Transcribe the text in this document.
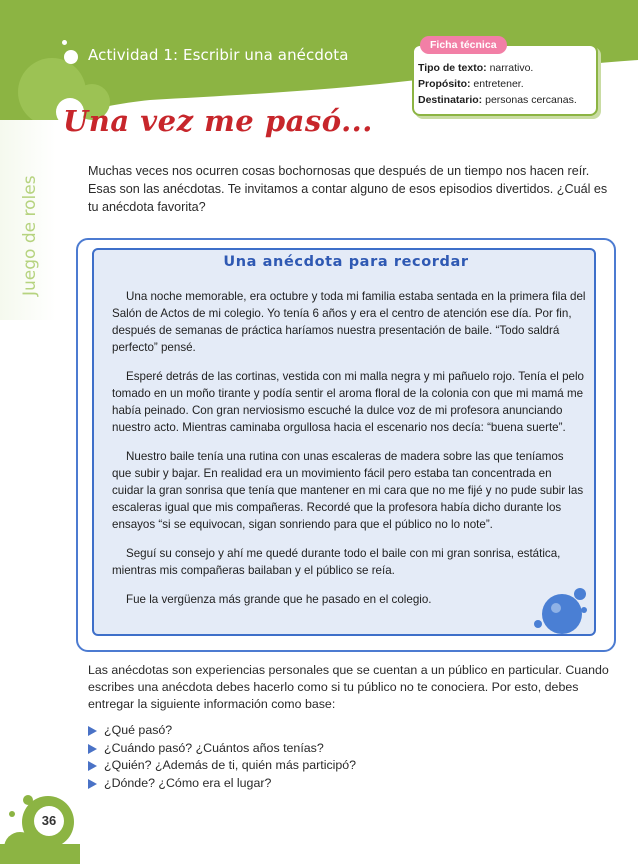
Actividad 1: Escribir una anécdota
Ficha técnica
Tipo de texto: narrativo.
Propósito: entretener.
Destinatario: personas cercanas.
Una vez me pasó...
Juego de roles

Muchas veces nos ocurren cosas bochornosas que después de un tiempo nos hacen reír. Esas son las anécdotas. Te invitamos a contar alguno de esos episodios divertidos. ¿Cuál es tu anécdota favorita?

Una anécdota para recordar

Una noche memorable, era octubre y toda mi familia estaba sentada en la primera fila del Salón de Actos de mi colegio. Yo tenía 6 años y era el centro de atención ese día. Por fin, después de semanas de práctica haríamos nuestra presentación de baile. “Todo saldrá perfecto” pensé.

Esperé detrás de las cortinas, vestida con mi malla negra y mi pañuelo rojo. Tenía el pelo tomado en un moño tirante y podía sentir el aroma floral de la colonia con que mi mamá me había peinado. Con gran nerviosismo escuché la dulce voz de mi profesora anunciando nuestro acto. Mientras caminaba orgullosa hacia el escenario nos decía: “buena suerte”.

Nuestro baile tenía una rutina con unas escaleras de madera sobre las que teníamos que subir y bajar. En realidad era un movimiento fácil pero estaba tan concentrada en cuidar la gran sonrisa que tenía que mantener en mi cara que no me fijé y no pude subir las escaleras igual que mis compañeras. Recordé que la profesora había dicho durante los ensayos “si se equivocan, sigan sonriendo para que el público no lo note”.

Seguí su consejo y ahí me quedé durante todo el baile con mi gran sonrisa, estática, mientras mis compañeras bailaban y el público se reía.

Fue la vergüenza más grande que he pasado en el colegio.

Las anécdotas son experiencias personales que se cuentan a un público en particular. Cuando escribes una anécdota debes hacerlo como si tu público no te conociera. Por esto, debes entregar la siguiente información como base:

¿Qué pasó?
¿Cuándo pasó? ¿Cuántos años tenías?
¿Quién? ¿Además de ti, quién más participó?
¿Dónde? ¿Cómo era el lugar?
36
